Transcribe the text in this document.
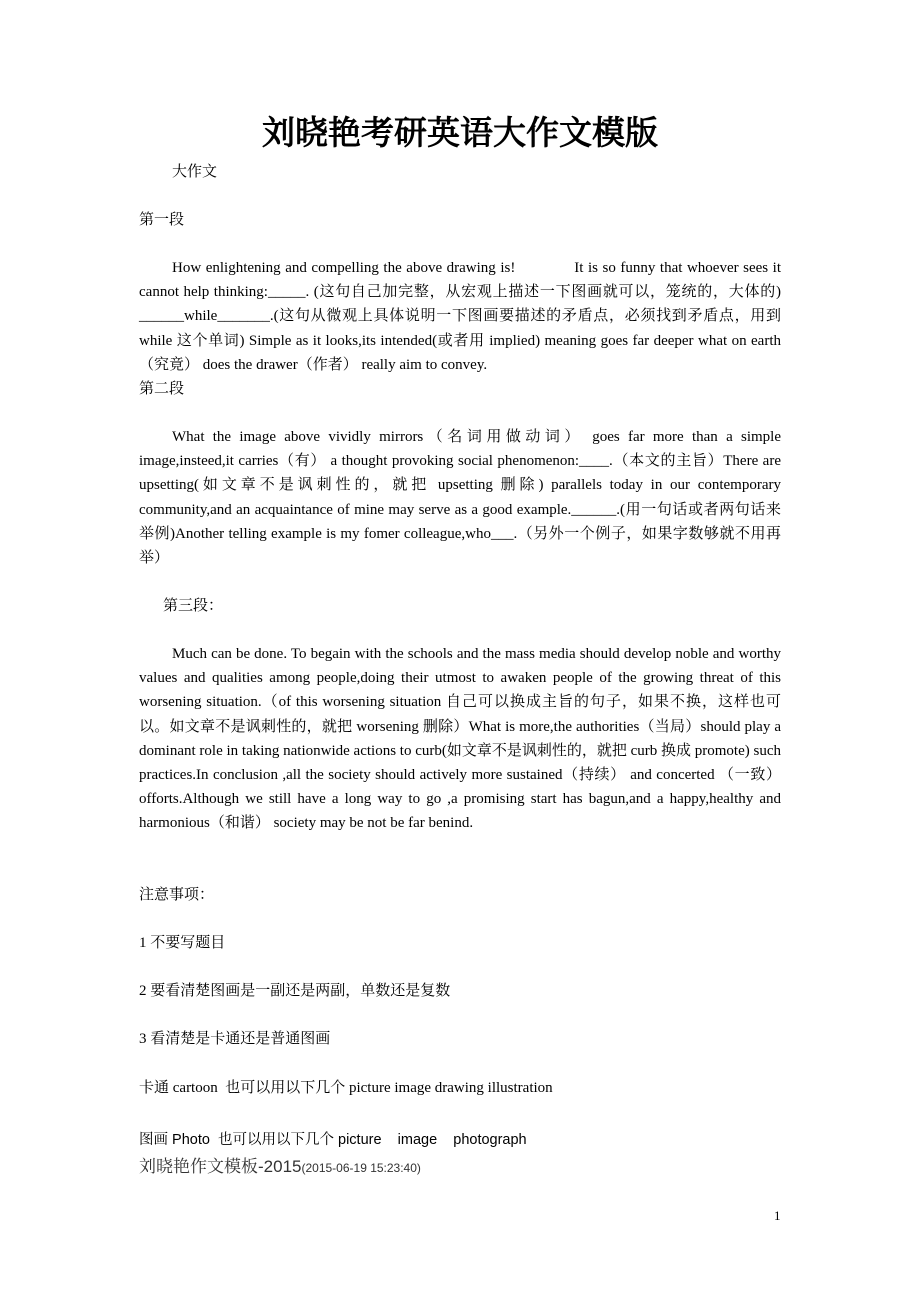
刘晓艳考研英语大作文模版
大作文
第一段
How enlightening and compelling the above drawing is!             It is so funny that whoever sees it cannot help thinking:_____. (这句自己加完整，从宏观上描述一下图画就可以，笼统的，大体的) ______while_______.(这句从微观上具体说明一下图画要描述的矛盾点，必须找到矛盾点，用到 while 这个单词) Simple as it looks,its intended(或者用 implied) meaning goes far deeper what on earth（究竟） does the drawer（作者） really aim to convey.
第二段
What the image above vividly mirrors（名词用做动词） goes far more than a simple image,insteed,it carries（有） a thought provoking social phenomenon:____.（本文的主旨）There are upsetting(如文章不是讽刺性的，就把 upsetting 删除) parallels today in our contemporary community,and an acquaintance of mine may serve as a good example.______.(用一句话或者两句话来举例)Another telling example is my fomer colleague,who___.（另外一个例子，如果字数够就不用再举）
第三段：
Much can be done. To begain with the schools and the mass media should develop noble and worthy values and qualities among people,doing their utmost to awaken people of the growing threat of this worsening situation.（of this worsening situation 自己可以换成主旨的句子，如果不换，这样也可以。如文章不是讽刺性的，就把 worsening 删除）What is more,the authorities（当局）should play a dominant role in taking nationwide actions to curb(如文章不是讽刺性的，就把 curb 换成 promote) such practices.In conclusion ,all the society should actively more sustained（持续） and concerted （一致）offorts.Although we still have a long way to go ,a promising start has bagun,and a happy,healthy and harmonious（和谐） society may be not be far benind.
注意事项：
1 不要写题目
2 要看清楚图画是一副还是两副，单数还是复数
3 看清楚是卡通还是普通图画
卡通 cartoon  也可以用以下几个 picture image drawing illustration
图画 Photo  也可以用以下几个 picture    image    photograph
刘晓艳作文模板-2015(2015-06-19 15:23:40)
1
